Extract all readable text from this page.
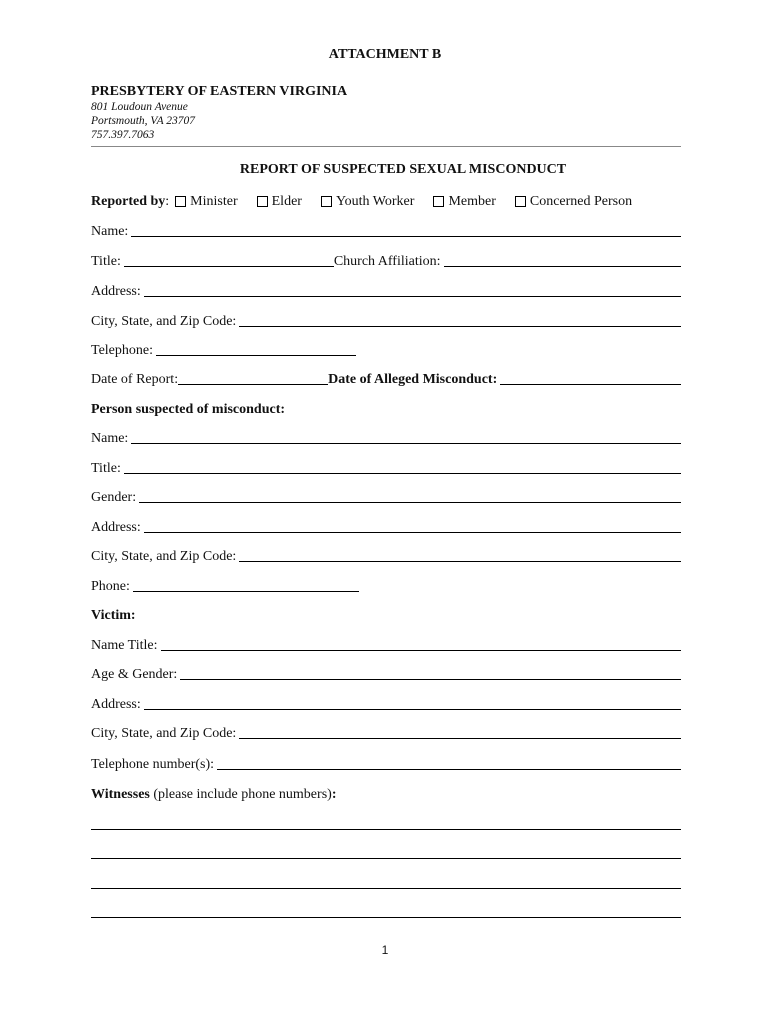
ATTACHMENT B
PRESBYTERY OF EASTERN VIRGINIA
801 Loudoun Avenue
Portsmouth, VA 23707
757.397.7063
REPORT OF SUSPECTED SEXUAL MISCONDUCT
Reported by : Minister Elder Youth Worker Member Concerned Person
Name:
Title:	Church Affiliation:
Address:
City, State, and Zip Code:
Telephone:
Date of Report:	Date of Alleged Misconduct:
Person suspected of misconduct:
Name:
Title:
Gender:
Address:
City, State, and Zip Code:
Phone:
Victim:
Name Title:
Age & Gender:
Address:
City, State, and Zip Code:
Telephone number(s):
Witnesses (please include phone numbers) :
1
